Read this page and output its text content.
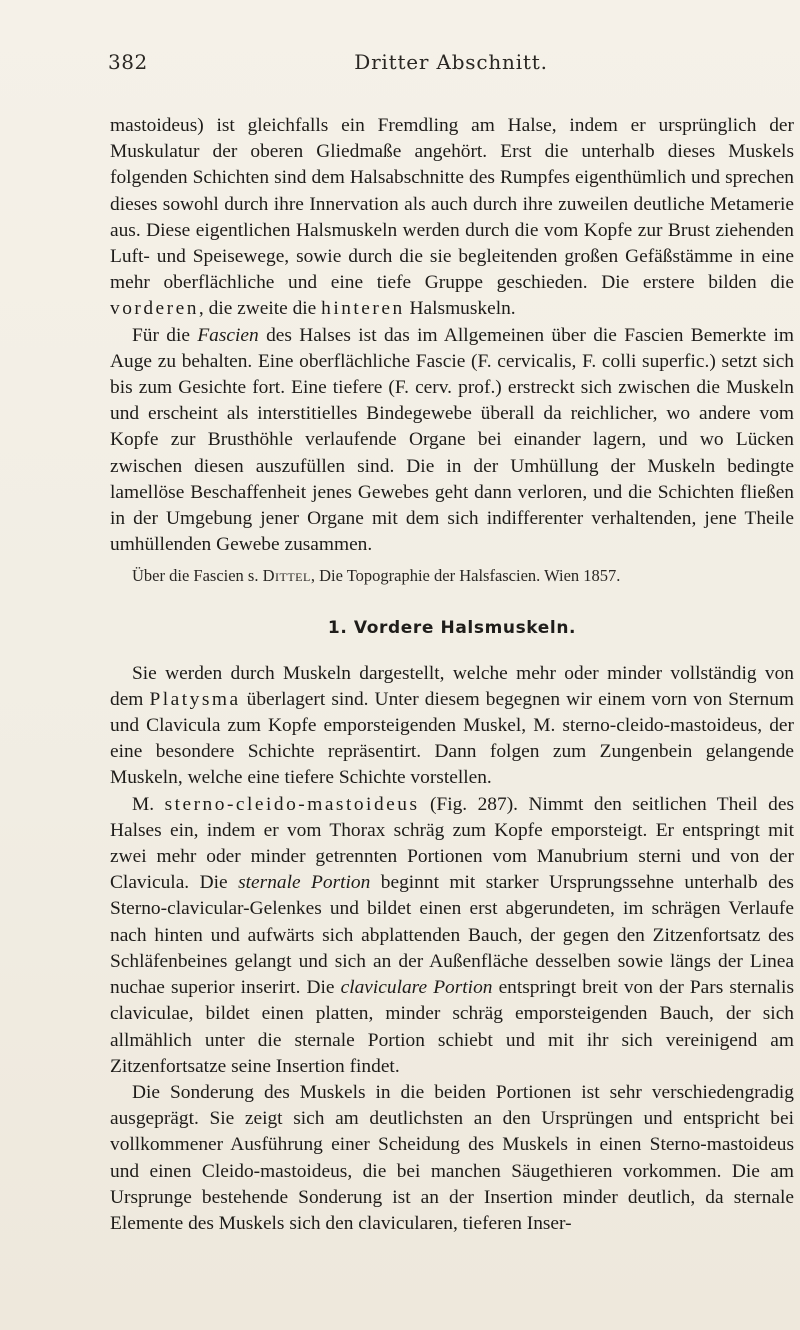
382	Dritter Abschnitt.

mastoideus) ist gleichfalls ein Fremdling am Halse, indem er ursprünglich der Muskulatur der oberen Gliedmaße angehört. Erst die unterhalb dieses Muskels folgenden Schichten sind dem Halsabschnitte des Rumpfes eigenthümlich und sprechen dieses sowohl durch ihre Innervation als auch durch ihre zuweilen deutliche Metamerie aus. Diese eigentlichen Halsmuskeln werden durch die vom Kopfe zur Brust ziehenden Luft- und Speisewege, sowie durch die sie begleitenden großen Gefäßstämme in eine mehr oberflächliche und eine tiefe Gruppe geschieden. Die erstere bilden die vorderen, die zweite die hinteren Halsmuskeln.

Für die Fascien des Halses ist das im Allgemeinen über die Fascien Bemerkte im Auge zu behalten. Eine oberflächliche Fascie (F. cervicalis, F. colli superfic.) setzt sich bis zum Gesichte fort. Eine tiefere (F. cerv. prof.) erstreckt sich zwischen die Muskeln und erscheint als interstitielles Bindegewebe überall da reichlicher, wo andere vom Kopfe zur Brusthöhle verlaufende Organe bei einander lagern, und wo Lücken zwischen diesen auszufüllen sind. Die in der Umhüllung der Muskeln bedingte lamellöse Beschaffenheit jenes Gewebes geht dann verloren, und die Schichten fließen in der Umgebung jener Organe mit dem sich indifferenter verhaltenden, jene Theile umhüllenden Gewebe zusammen.

Über die Fascien s. Dittel, Die Topographie der Halsfascien. Wien 1857.

1. Vordere Halsmuskeln.

Sie werden durch Muskeln dargestellt, welche mehr oder minder vollständig von dem Platysma überlagert sind. Unter diesem begegnen wir einem vorn von Sternum und Clavicula zum Kopfe emporsteigenden Muskel, M. sterno-cleido-mastoideus, der eine besondere Schichte repräsentirt. Dann folgen zum Zungenbein gelangende Muskeln, welche eine tiefere Schichte vorstellen.

M. sterno-cleido-mastoideus (Fig. 287). Nimmt den seitlichen Theil des Halses ein, indem er vom Thorax schräg zum Kopfe emporsteigt. Er entspringt mit zwei mehr oder minder getrennten Portionen vom Manubrium sterni und von der Clavicula. Die sternale Portion beginnt mit starker Ursprungssehne unterhalb des Sterno-clavicular-Gelenkes und bildet einen erst abgerundeten, im schrägen Verlaufe nach hinten und aufwärts sich abplattenden Bauch, der gegen den Zitzenfortsatz des Schläfenbeines gelangt und sich an der Außenfläche desselben sowie längs der Linea nuchae superior inserirt. Die claviculare Portion entspringt breit von der Pars sternalis claviculae, bildet einen platten, minder schräg emporsteigenden Bauch, der sich allmählich unter die sternale Portion schiebt und mit ihr sich vereinigend am Zitzenfortsatze seine Insertion findet.

Die Sonderung des Muskels in die beiden Portionen ist sehr verschiedengradig ausgeprägt. Sie zeigt sich am deutlichsten an den Ursprüngen und entspricht bei vollkommener Ausführung einer Scheidung des Muskels in einen Sterno-mastoideus und einen Cleido-mastoideus, die bei manchen Säugethieren vorkommen. Die am Ursprunge bestehende Sonderung ist an der Insertion minder deutlich, da sternale Elemente des Muskels sich den clavicularen, tieferen Inser-
